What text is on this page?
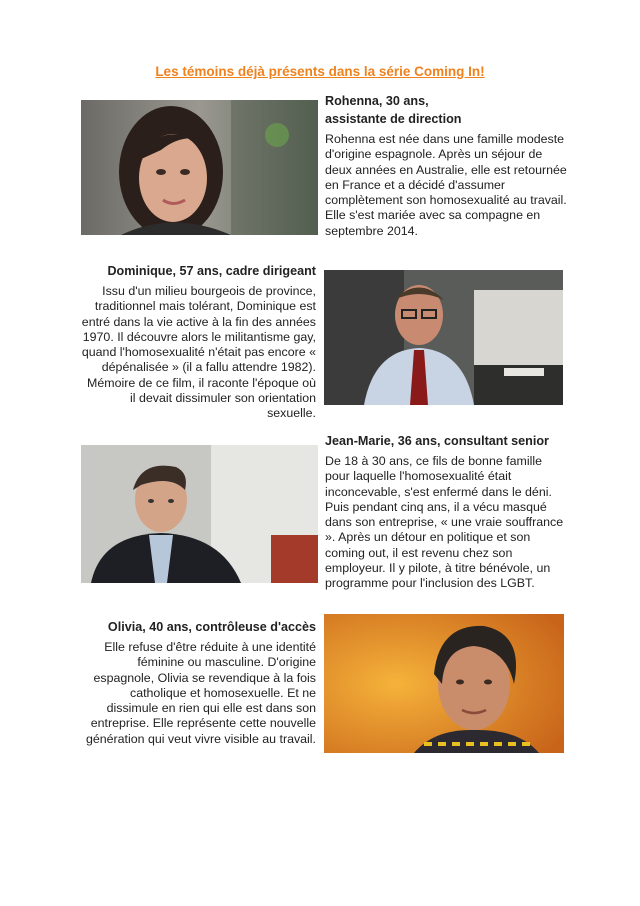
Les témoins déjà présents dans la série Coming In!
Rohenna, 30 ans,
assistante de direction

Rohenna est née dans une famille modeste d'origine espagnole. Après un séjour de deux années en Australie, elle est retournée en France et a décidé d'assumer complètement son homosexualité au travail. Elle s'est mariée avec sa compagne en septembre 2014.

Dominique, 57 ans, cadre dirigeant

Issu d'un milieu bourgeois de province, traditionnel mais tolérant, Dominique est entré dans la vie active à la fin des années 1970. Il découvre alors le militantisme gay, quand l'homosexualité n'était pas encore « dépénalisée » (il a fallu attendre 1982). Mémoire de ce film, il raconte l'époque où il devait dissimuler son orientation sexuelle.

Jean-Marie, 36 ans, consultant senior

De 18 à 30 ans, ce fils de bonne famille pour laquelle l'homosexualité était inconcevable, s'est enfermé dans le déni. Puis pendant cinq ans, il a vécu masqué dans son entreprise, « une vraie souffrance ». Après un détour en politique et son coming out, il est revenu chez son employeur. Il y pilote, à titre bénévole, un programme pour l'inclusion des LGBT.

Olivia, 40 ans, contrôleuse d'accès

Elle refuse d'être réduite à une identité féminine ou masculine. D'origine espagnole, Olivia se revendique à la fois catholique et homosexuelle. Et ne dissimule en rien qui elle est dans son entreprise. Elle représente cette nouvelle génération qui veut vivre visible au travail.
